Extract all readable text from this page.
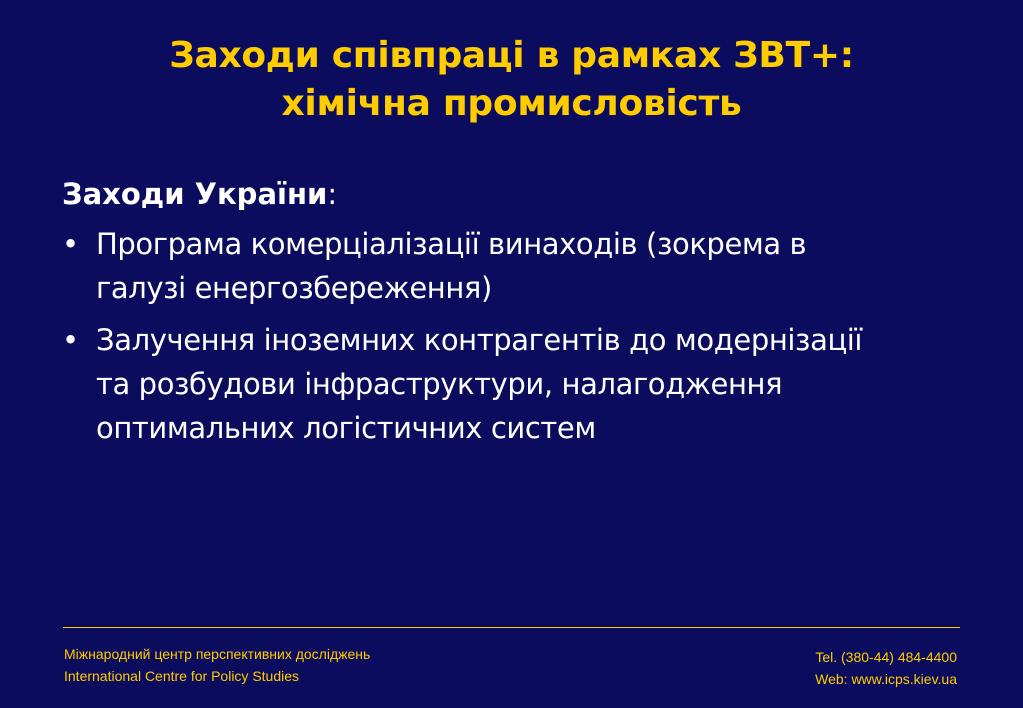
Заходи співпраці в рамках ЗВТ+:
хімічна промисловість
Заходи України:
• Програма комерціалізації винаходів (зокрема в
галузі енергозбереження)
• Залучення іноземних контрагентів до модернізації
та розбудови інфраструктури, налагодження
оптимальних логістичних систем
Міжнародний центр перспективних досліджень
International Centre for Policy Studies
Tel. (380-44) 484-4400
Web: www.icps.kiev.ua
